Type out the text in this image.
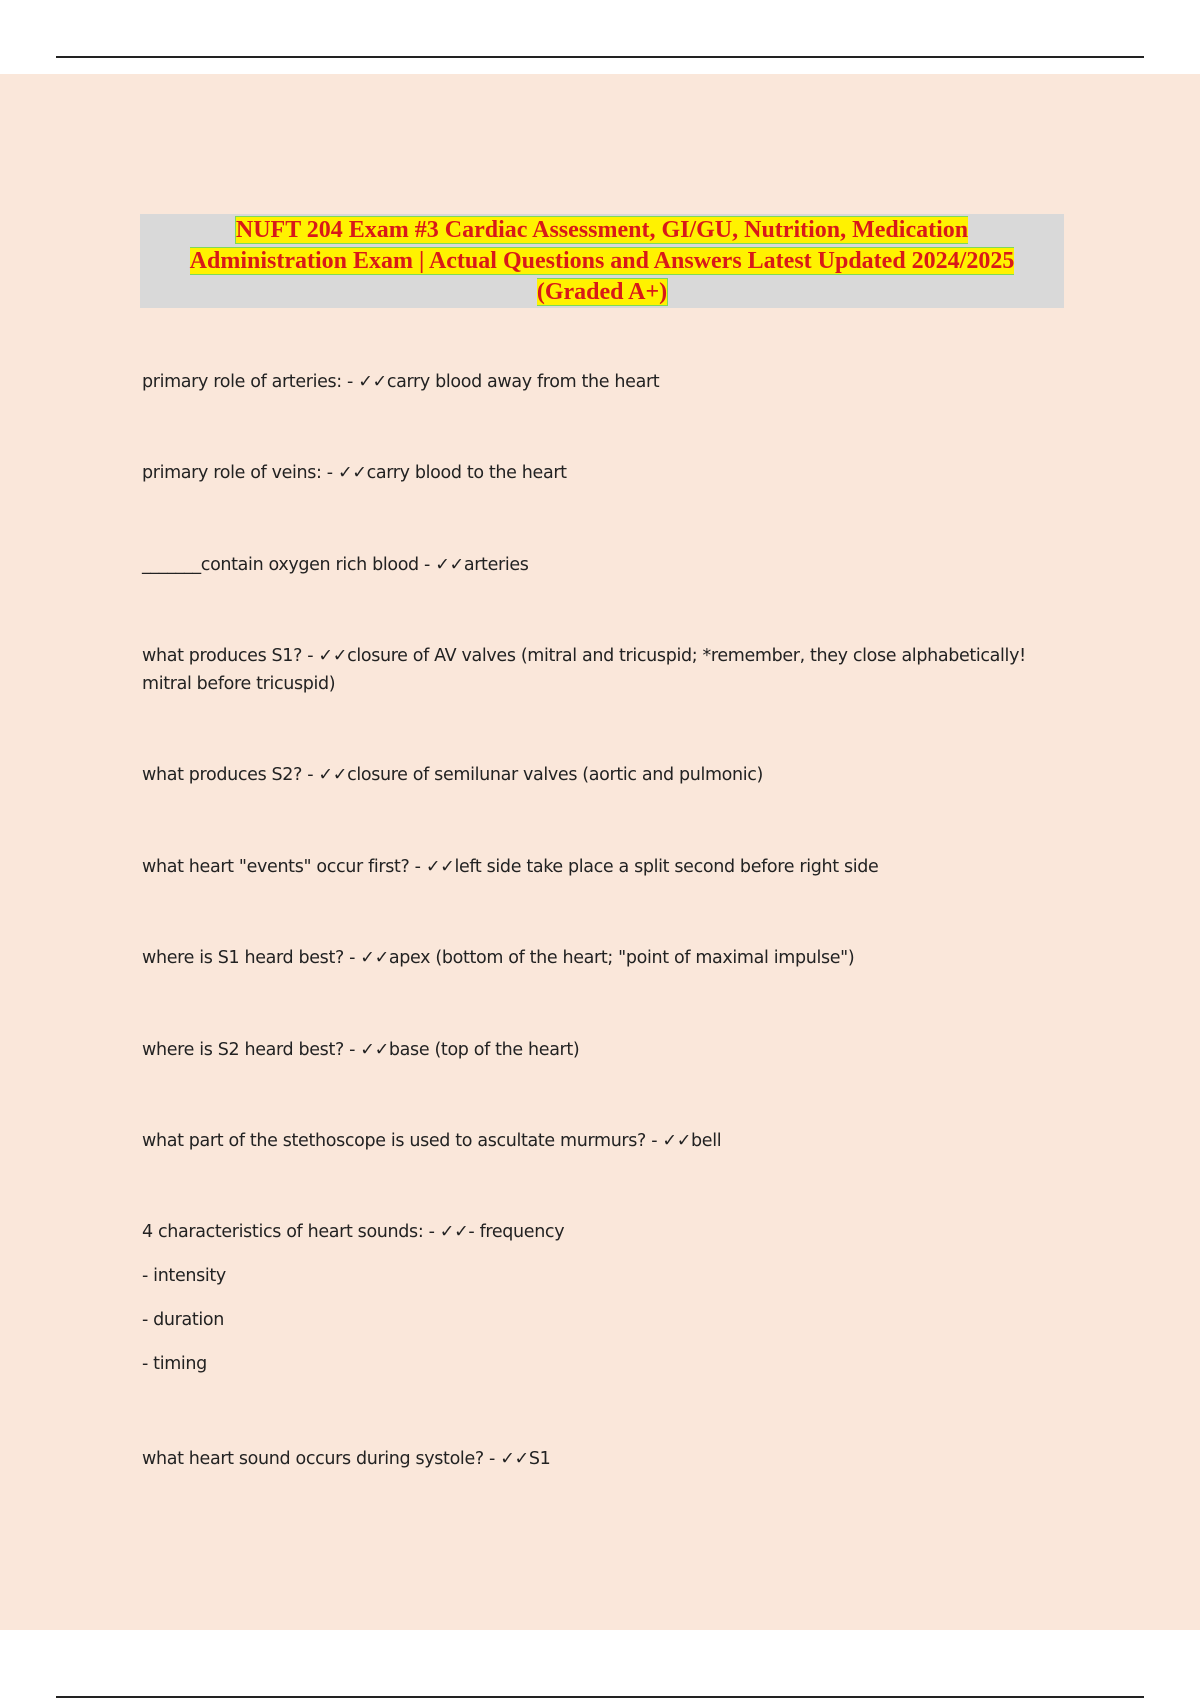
NUFT 204 Exam #3 Cardiac Assessment, GI/GU, Nutrition, Medication Administration Exam | Actual Questions and Answers Latest Updated 2024/2025 (Graded A+)

primary role of arteries: - ✓✓carry blood away from the heart

primary role of veins: - ✓✓carry blood to the heart

_______contain oxygen rich blood - ✓✓arteries

what produces S1? - ✓✓closure of AV valves (mitral and tricuspid; *remember, they close alphabetically! mitral before tricuspid)

what produces S2? - ✓✓closure of semilunar valves (aortic and pulmonic)

what heart "events" occur first? - ✓✓left side take place a split second before right side

where is S1 heard best? - ✓✓apex (bottom of the heart; "point of maximal impulse")

where is S2 heard best? - ✓✓base (top of the heart)

what part of the stethoscope is used to ascultate murmurs? - ✓✓bell

4 characteristics of heart sounds: - ✓✓- frequency
- intensity
- duration
- timing

what heart sound occurs during systole? - ✓✓S1
